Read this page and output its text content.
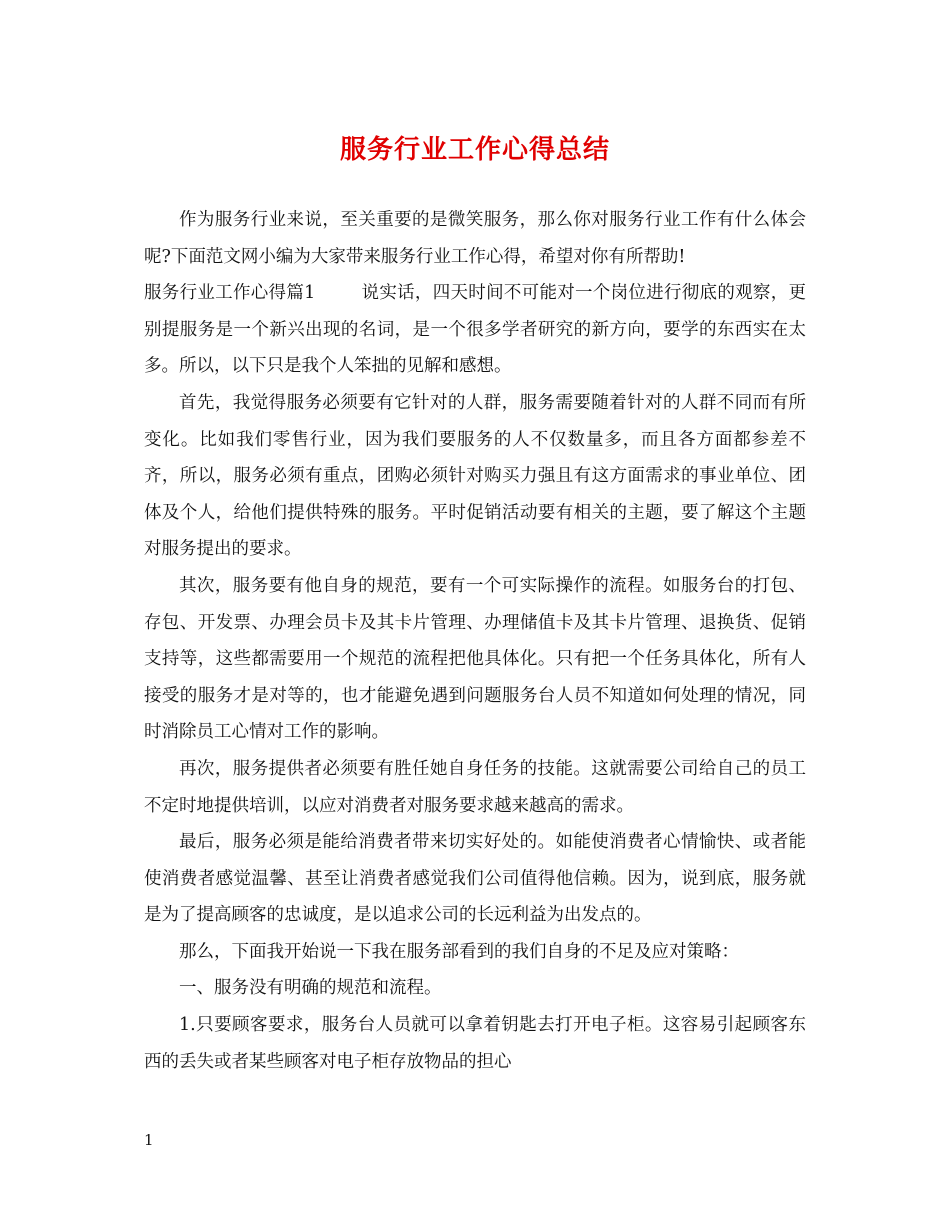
服务行业工作心得总结

作为服务行业来说，至关重要的是微笑服务，那么你对服务行业工作有什么体会呢?下面范文网小编为大家带来服务行业工作心得，希望对你有所帮助!

服务行业工作心得篇1	说实话，四天时间不可能对一个岗位进行彻底的观察，更别提服务是一个新兴出现的名词，是一个很多学者研究的新方向，要学的东西实在太多。所以，以下只是我个人笨拙的见解和感想。

首先，我觉得服务必须要有它针对的人群，服务需要随着针对的人群不同而有所变化。比如我们零售行业，因为我们要服务的人不仅数量多，而且各方面都参差不齐，所以，服务必须有重点，团购必须针对购买力强且有这方面需求的事业单位、团体及个人，给他们提供特殊的服务。平时促销活动要有相关的主题，要了解这个主题对服务提出的要求。

其次，服务要有他自身的规范，要有一个可实际操作的流程。如服务台的打包、存包、开发票、办理会员卡及其卡片管理、办理储值卡及其卡片管理、退换货、促销支持等，这些都需要用一个规范的流程把他具体化。只有把一个任务具体化，所有人接受的服务才是对等的，也才能避免遇到问题服务台人员不知道如何处理的情况，同时消除员工心情对工作的影响。

再次，服务提供者必须要有胜任她自身任务的技能。这就需要公司给自己的员工不定时地提供培训，以应对消费者对服务要求越来越高的需求。

最后，服务必须是能给消费者带来切实好处的。如能使消费者心情愉快、或者能使消费者感觉温馨、甚至让消费者感觉我们公司值得他信赖。因为，说到底，服务就是为了提高顾客的忠诚度，是以追求公司的长远利益为出发点的。

那么，下面我开始说一下我在服务部看到的我们自身的不足及应对策略：

一、服务没有明确的规范和流程。

1.只要顾客要求，服务台人员就可以拿着钥匙去打开电子柜。这容易引起顾客东西的丢失或者某些顾客对电子柜存放物品的担心

1
